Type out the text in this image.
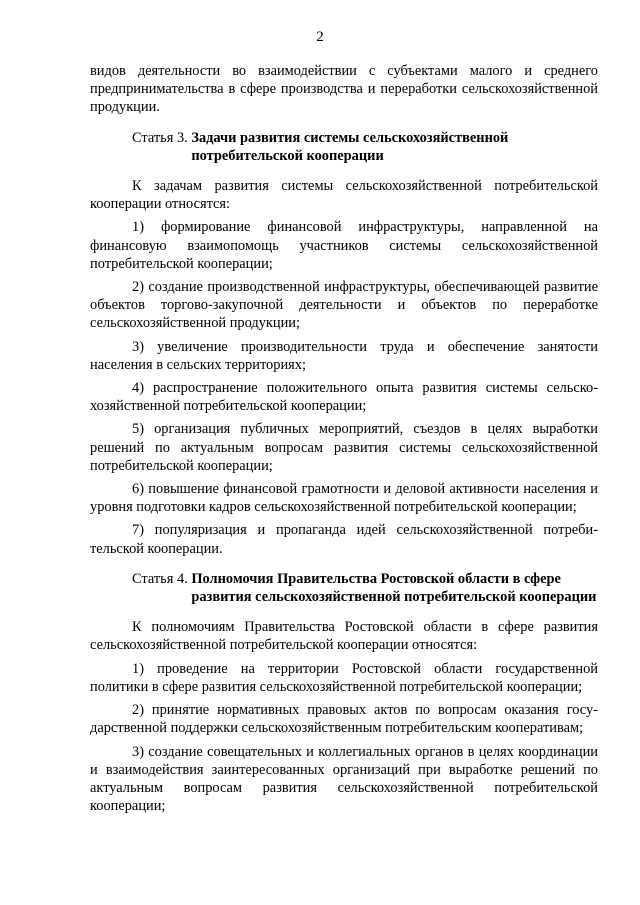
2

видов деятельности во взаимодействии с субъектами малого и среднего предпринимательства в сфере производства и переработки сельскохозяйственной продукции.

Статья 3. Задачи развития системы сельскохозяйственной потребительской кооперации

К задачам развития системы сельскохозяйственной потребительской кооперации относятся:

1) формирование финансовой инфраструктуры, направленной на финансовую взаимопомощь участников системы сельскохозяйственной потребительской кооперации;

2) создание производственной инфраструктуры, обеспечивающей развитие объектов торгово-закупочной деятельности и объектов по переработке сельскохозяйственной продукции;

3) увеличение производительности труда и обеспечение занятости населения в сельских территориях;

4) распространение положительного опыта развития системы сельскохозяйственной потребительской кооперации;

5) организация публичных мероприятий, съездов в целях выработки решений по актуальным вопросам развития системы сельскохозяйственной потребительской кооперации;

6) повышение финансовой грамотности и деловой активности населения и уровня подготовки кадров сельскохозяйственной потребительской кооперации;

7) популяризация и пропаганда идей сельскохозяйственной потребительской кооперации.

Статья 4. Полномочия Правительства Ростовской области в сфере развития сельскохозяйственной потребительской кооперации

К полномочиям Правительства Ростовской области в сфере развития сельскохозяйственной потребительской кооперации относятся:

1) проведение на территории Ростовской области государственной политики в сфере развития сельскохозяйственной потребительской кооперации;

2) принятие нормативных правовых актов по вопросам оказания государственной поддержки сельскохозяйственным потребительским кооперативам;

3) создание совещательных и коллегиальных органов в целях координации и взаимодействия заинтересованных организаций при выработке решений по актуальным вопросам развития сельскохозяйственной потребительской кооперации;
